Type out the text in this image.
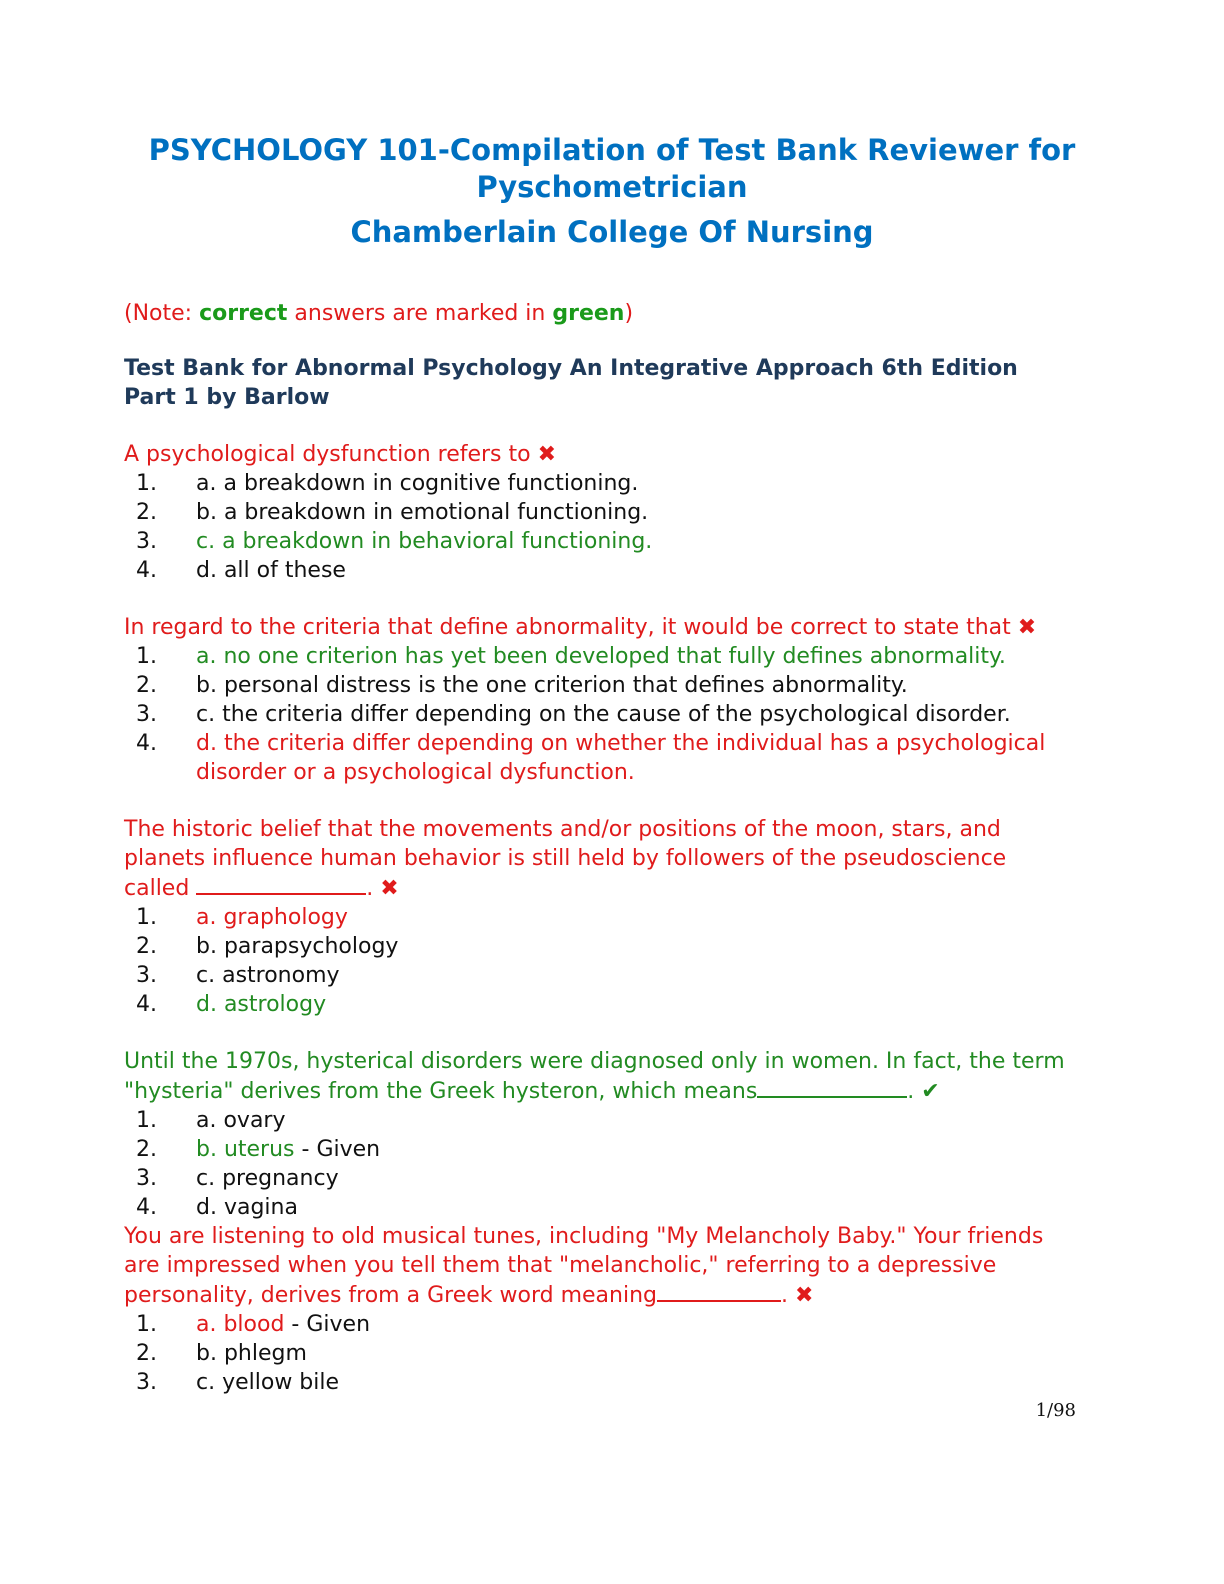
PSYCHOLOGY 101-Compilation of Test Bank Reviewer for
Pyschometrician
Chamberlain College Of Nursing
(Note: correct answers are marked in green)
Test Bank for Abnormal Psychology An Integrative Approach 6th Edition Part 1 by Barlow
A psychological dysfunction refers to ✖
1. a. a breakdown in cognitive functioning.
2. b. a breakdown in emotional functioning.
3. c. a breakdown in behavioral functioning.
4. d. all of these
In regard to the criteria that define abnormality, it would be correct to state that ✖
1. a. no one criterion has yet been developed that fully defines abnormality.
2. b. personal distress is the one criterion that defines abnormality.
3. c. the criteria differ depending on the cause of the psychological disorder.
4. d. the criteria differ depending on whether the individual has a psychological disorder or a psychological dysfunction.
The historic belief that the movements and/or positions of the moon, stars, and planets influence human behavior is still held by followers of the pseudoscience called	. ✖
1. a. graphology
2. b. parapsychology
3. c. astronomy
4. d. astrology
Until the 1970s, hysterical disorders were diagnosed only in women. In fact, the term "hysteria" derives from the Greek hysteron, which means	. ✔
1. a. ovary
2. b. uterus - Given
3. c. pregnancy
4. d. vagina
You are listening to old musical tunes, including "My Melancholy Baby." Your friends are impressed when you tell them that "melancholic," referring to a depressive personality, derives from a Greek word meaning	. ✖
1. a. blood - Given
2. b. phlegm
3. c. yellow bile
1/98
